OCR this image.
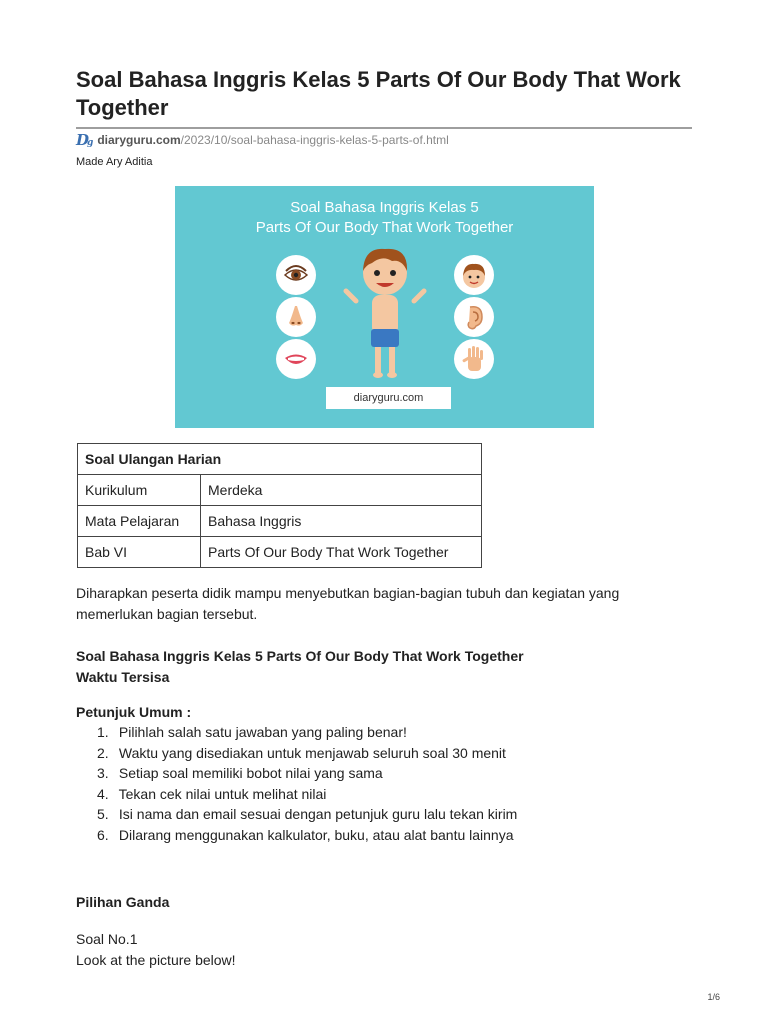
Soal Bahasa Inggris Kelas 5 Parts Of Our Body That Work Together
Dg diaryguru.com /2023/10/soal-bahasa-inggris-kelas-5-parts-of.html
Made Ary Aditia
Soal Bahasa Inggris Kelas 5
Parts Of Our Body That Work Together
diaryguru.com
Soal Ulangan Harian	
Kurikulum	Merdeka
Mata Pelajaran	Bahasa Inggris
Bab VI	Parts Of Our Body That Work Together

Diharapkan peserta didik mampu menyebutkan bagian-bagian tubuh dan kegiatan yang memerlukan bagian tersebut.

Soal Bahasa Inggris Kelas 5 Parts Of Our Body That Work Together
Waktu Tersisa
Petunjuk Umum :
1. Pilihlah salah satu jawaban yang paling benar!
2. Waktu yang disediakan untuk menjawab seluruh soal 30 menit
3. Setiap soal memiliki bobot nilai yang sama
4. Tekan cek nilai untuk melihat nilai
5. Isi nama dan email sesuai dengan petunjuk guru lalu tekan kirim
6. Dilarang menggunakan kalkulator, buku, atau alat bantu lainnya
Pilihan Ganda
Soal No.1
Look at the picture below!
1/6
